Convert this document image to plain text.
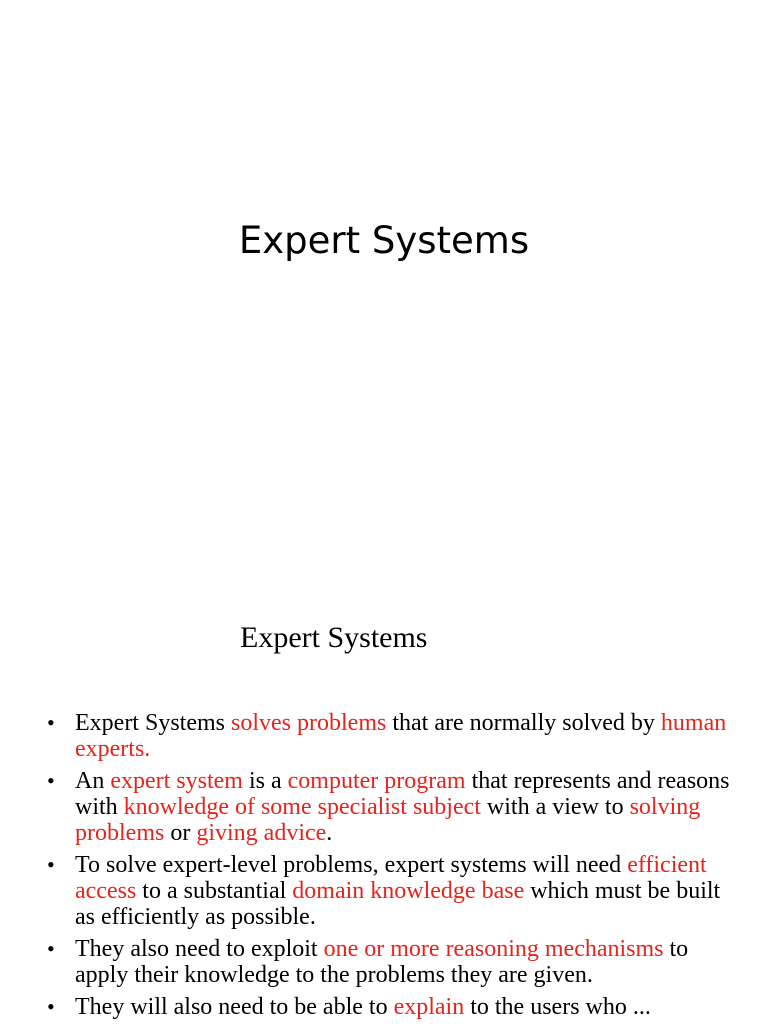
Expert Systems
Expert Systems
• Expert Systems solves problems that are normally solved by human experts.
• An expert system is a computer program that represents and reasons with knowledge of some specialist subject with a view to solving problems or giving advice.
• To solve expert-level problems, expert systems will need efficient access to a substantial domain knowledge base which must be built as efficiently as possible.
• They also need to exploit one or more reasoning mechanisms to apply their knowledge to the problems they are given.
• They will also need to be able to explain to the users who ...
